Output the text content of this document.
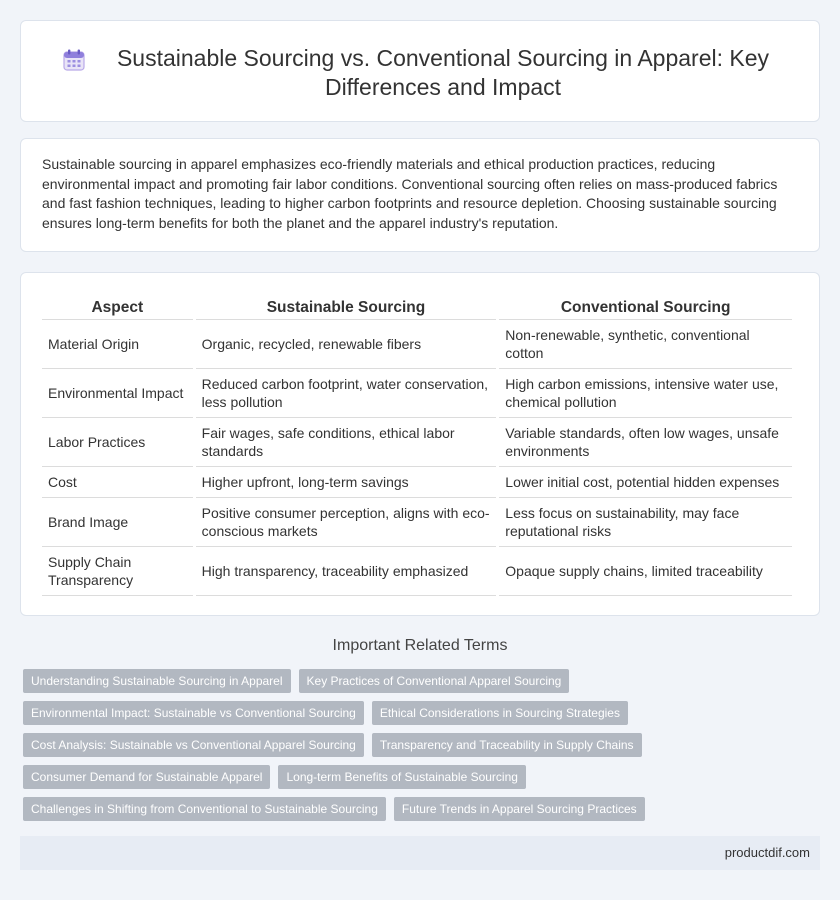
Sustainable Sourcing vs. Conventional Sourcing in Apparel: Key Differences and Impact

Sustainable sourcing in apparel emphasizes eco-friendly materials and ethical production practices, reducing environmental impact and promoting fair labor conditions. Conventional sourcing often relies on mass-produced fabrics and fast fashion techniques, leading to higher carbon footprints and resource depletion. Choosing sustainable sourcing ensures long-term benefits for both the planet and the apparel industry's reputation.

Aspect	Sustainable Sourcing	Conventional Sourcing
Material Origin	Organic, recycled, renewable fibers	Non-renewable, synthetic, conventional cotton
Environmental Impact	Reduced carbon footprint, water conservation, less pollution	High carbon emissions, intensive water use, chemical pollution
Labor Practices	Fair wages, safe conditions, ethical labor standards	Variable standards, often low wages, unsafe environments
Cost	Higher upfront, long-term savings	Lower initial cost, potential hidden expenses
Brand Image	Positive consumer perception, aligns with eco-conscious markets	Less focus on sustainability, may face reputational risks
Supply Chain Transparency	High transparency, traceability emphasized	Opaque supply chains, limited traceability
Important Related Terms
Understanding Sustainable Sourcing in Apparel	Key Practices of Conventional Apparel Sourcing
Environmental Impact: Sustainable vs Conventional Sourcing	Ethical Considerations in Sourcing Strategies
Cost Analysis: Sustainable vs Conventional Apparel Sourcing	Transparency and Traceability in Supply Chains
Consumer Demand for Sustainable Apparel	Long-term Benefits of Sustainable Sourcing
Challenges in Shifting from Conventional to Sustainable Sourcing	Future Trends in Apparel Sourcing Practices
productdif.com
